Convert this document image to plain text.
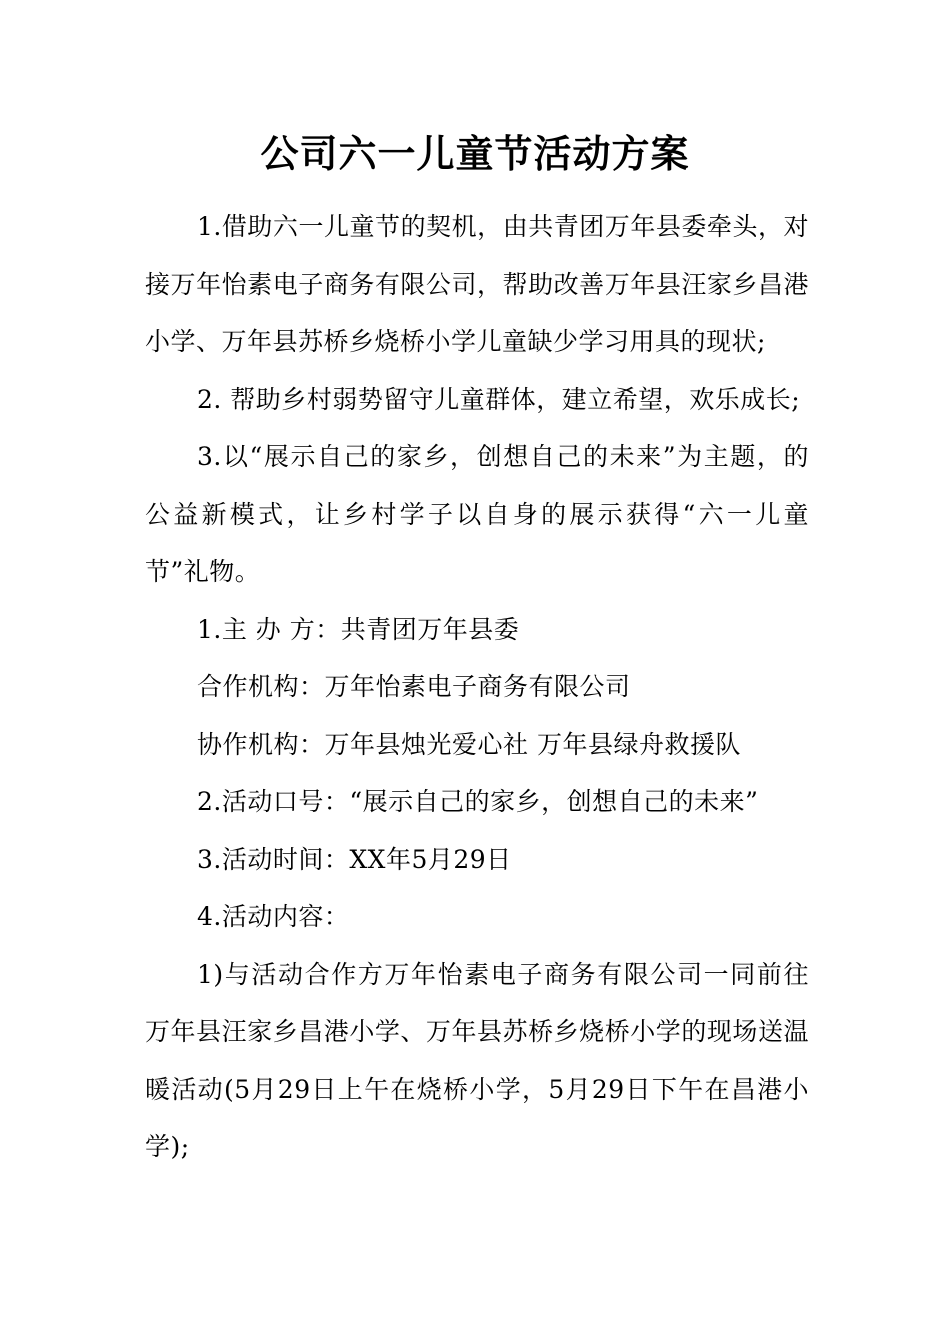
公司六一儿童节活动方案

1.借助六一儿童节的契机，由共青团万年县委牵头，对接万年怡素电子商务有限公司，帮助改善万年县汪家乡昌港小学、万年县苏桥乡烧桥小学儿童缺少学习用具的现状;

2. 帮助乡村弱势留守儿童群体，建立希望，欢乐成长;

3.以“展示自己的家乡，创想自己的未来”为主题，的公益新模式，让乡村学子以自身的展示获得“六一儿童节”礼物。

1.主 办 方：共青团万年县委

合作机构：万年怡素电子商务有限公司

协作机构：万年县烛光爱心社 万年县绿舟救援队

2.活动口号：“展示自己的家乡，创想自己的未来”

3.活动时间：XX年5月29日

4.活动内容：

1)与活动合作方万年怡素电子商务有限公司一同前往万年县汪家乡昌港小学、万年县苏桥乡烧桥小学的现场送温暖活动(5月29日上午在烧桥小学，5月29日下午在昌港小学);
